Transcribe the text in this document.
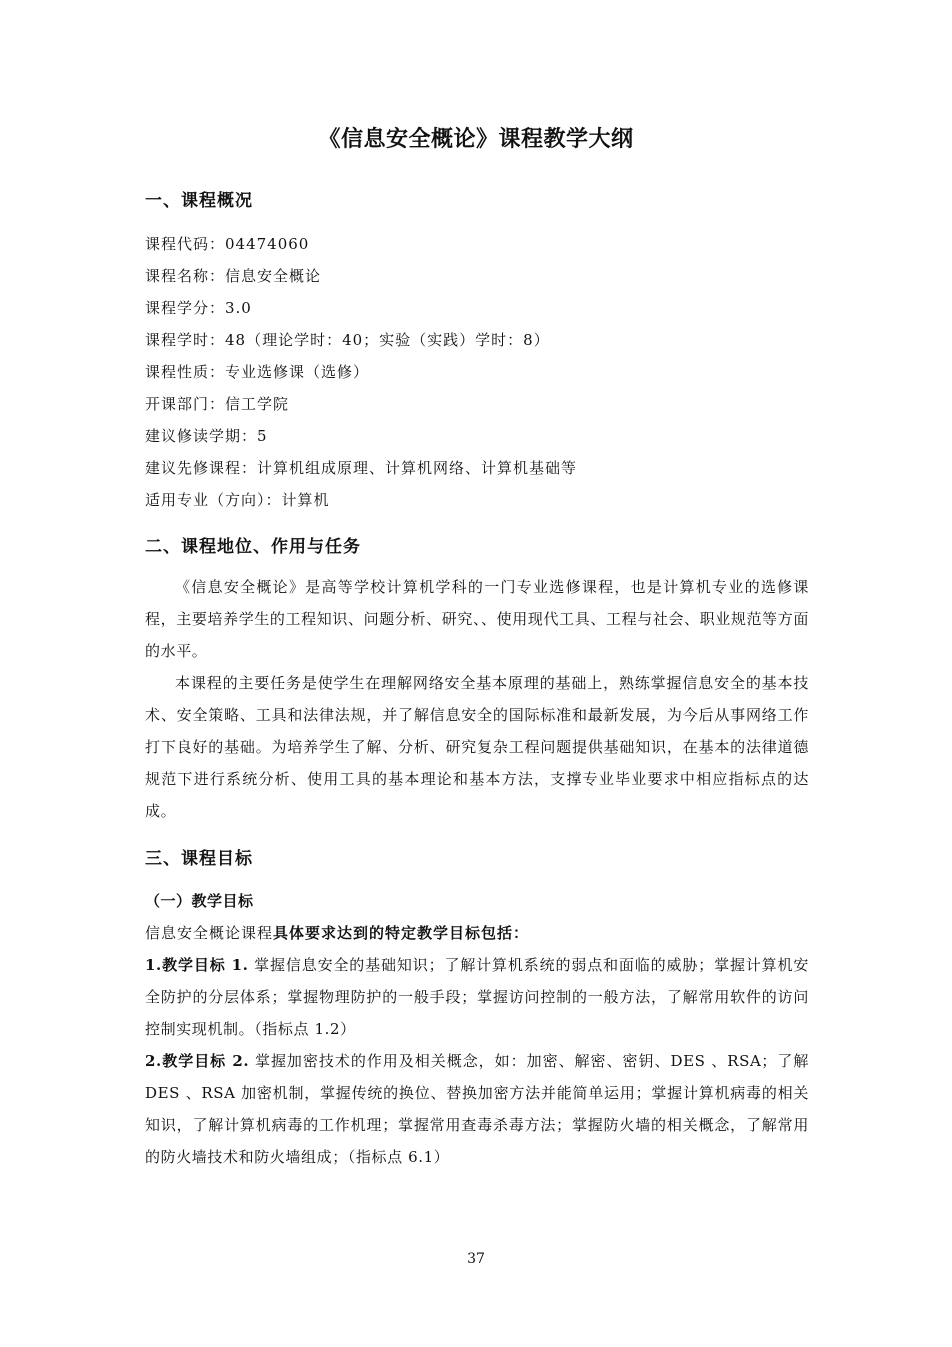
《信息安全概论》课程教学大纲
一、课程概况
课程代码：04474060
课程名称：信息安全概论
课程学分：3.0
课程学时：48（理论学时：40；实验（实践）学时：8）
课程性质：专业选修课（选修）
开课部门：信工学院
建议修读学期：5
建议先修课程：计算机组成原理、计算机网络、计算机基础等
适用专业（方向）：计算机
二、课程地位、作用与任务

《信息安全概论》是高等学校计算机学科的一门专业选修课程，也是计算机专业的选修课程，主要培养学生的工程知识、问题分析、研究、、使用现代工具、工程与社会、职业规范等方面的水平。

本课程的主要任务是使学生在理解网络安全基本原理的基础上，熟练掌握信息安全的基本技术、安全策略、工具和法律法规，并了解信息安全的国际标准和最新发展，为今后从事网络工作打下良好的基础。为培养学生了解、分析、研究复杂工程问题提供基础知识，在基本的法律道德规范下进行系统分析、使用工具的基本理论和基本方法，支撑专业毕业要求中相应指标点的达成。

三、课程目标
（一）教学目标
信息安全概论课程具体要求达到的特定教学目标包括：

1.教学目标 1. 掌握信息安全的基础知识；了解计算机系统的弱点和面临的威胁；掌握计算机安全防护的分层体系；掌握物理防护的一般手段；掌握访问控制的一般方法，了解常用软件的访问控制实现机制。（指标点 1.2）

2.教学目标 2. 掌握加密技术的作用及相关概念，如：加密、解密、密钥、DES 、RSA；了解 DES 、RSA 加密机制，掌握传统的换位、替换加密方法并能简单运用；掌握计算机病毒的相关知识，了解计算机病毒的工作机理；掌握常用查毒杀毒方法；掌握防火墙的相关概念，了解常用的防火墙技术和防火墙组成；（指标点 6.1）

37
